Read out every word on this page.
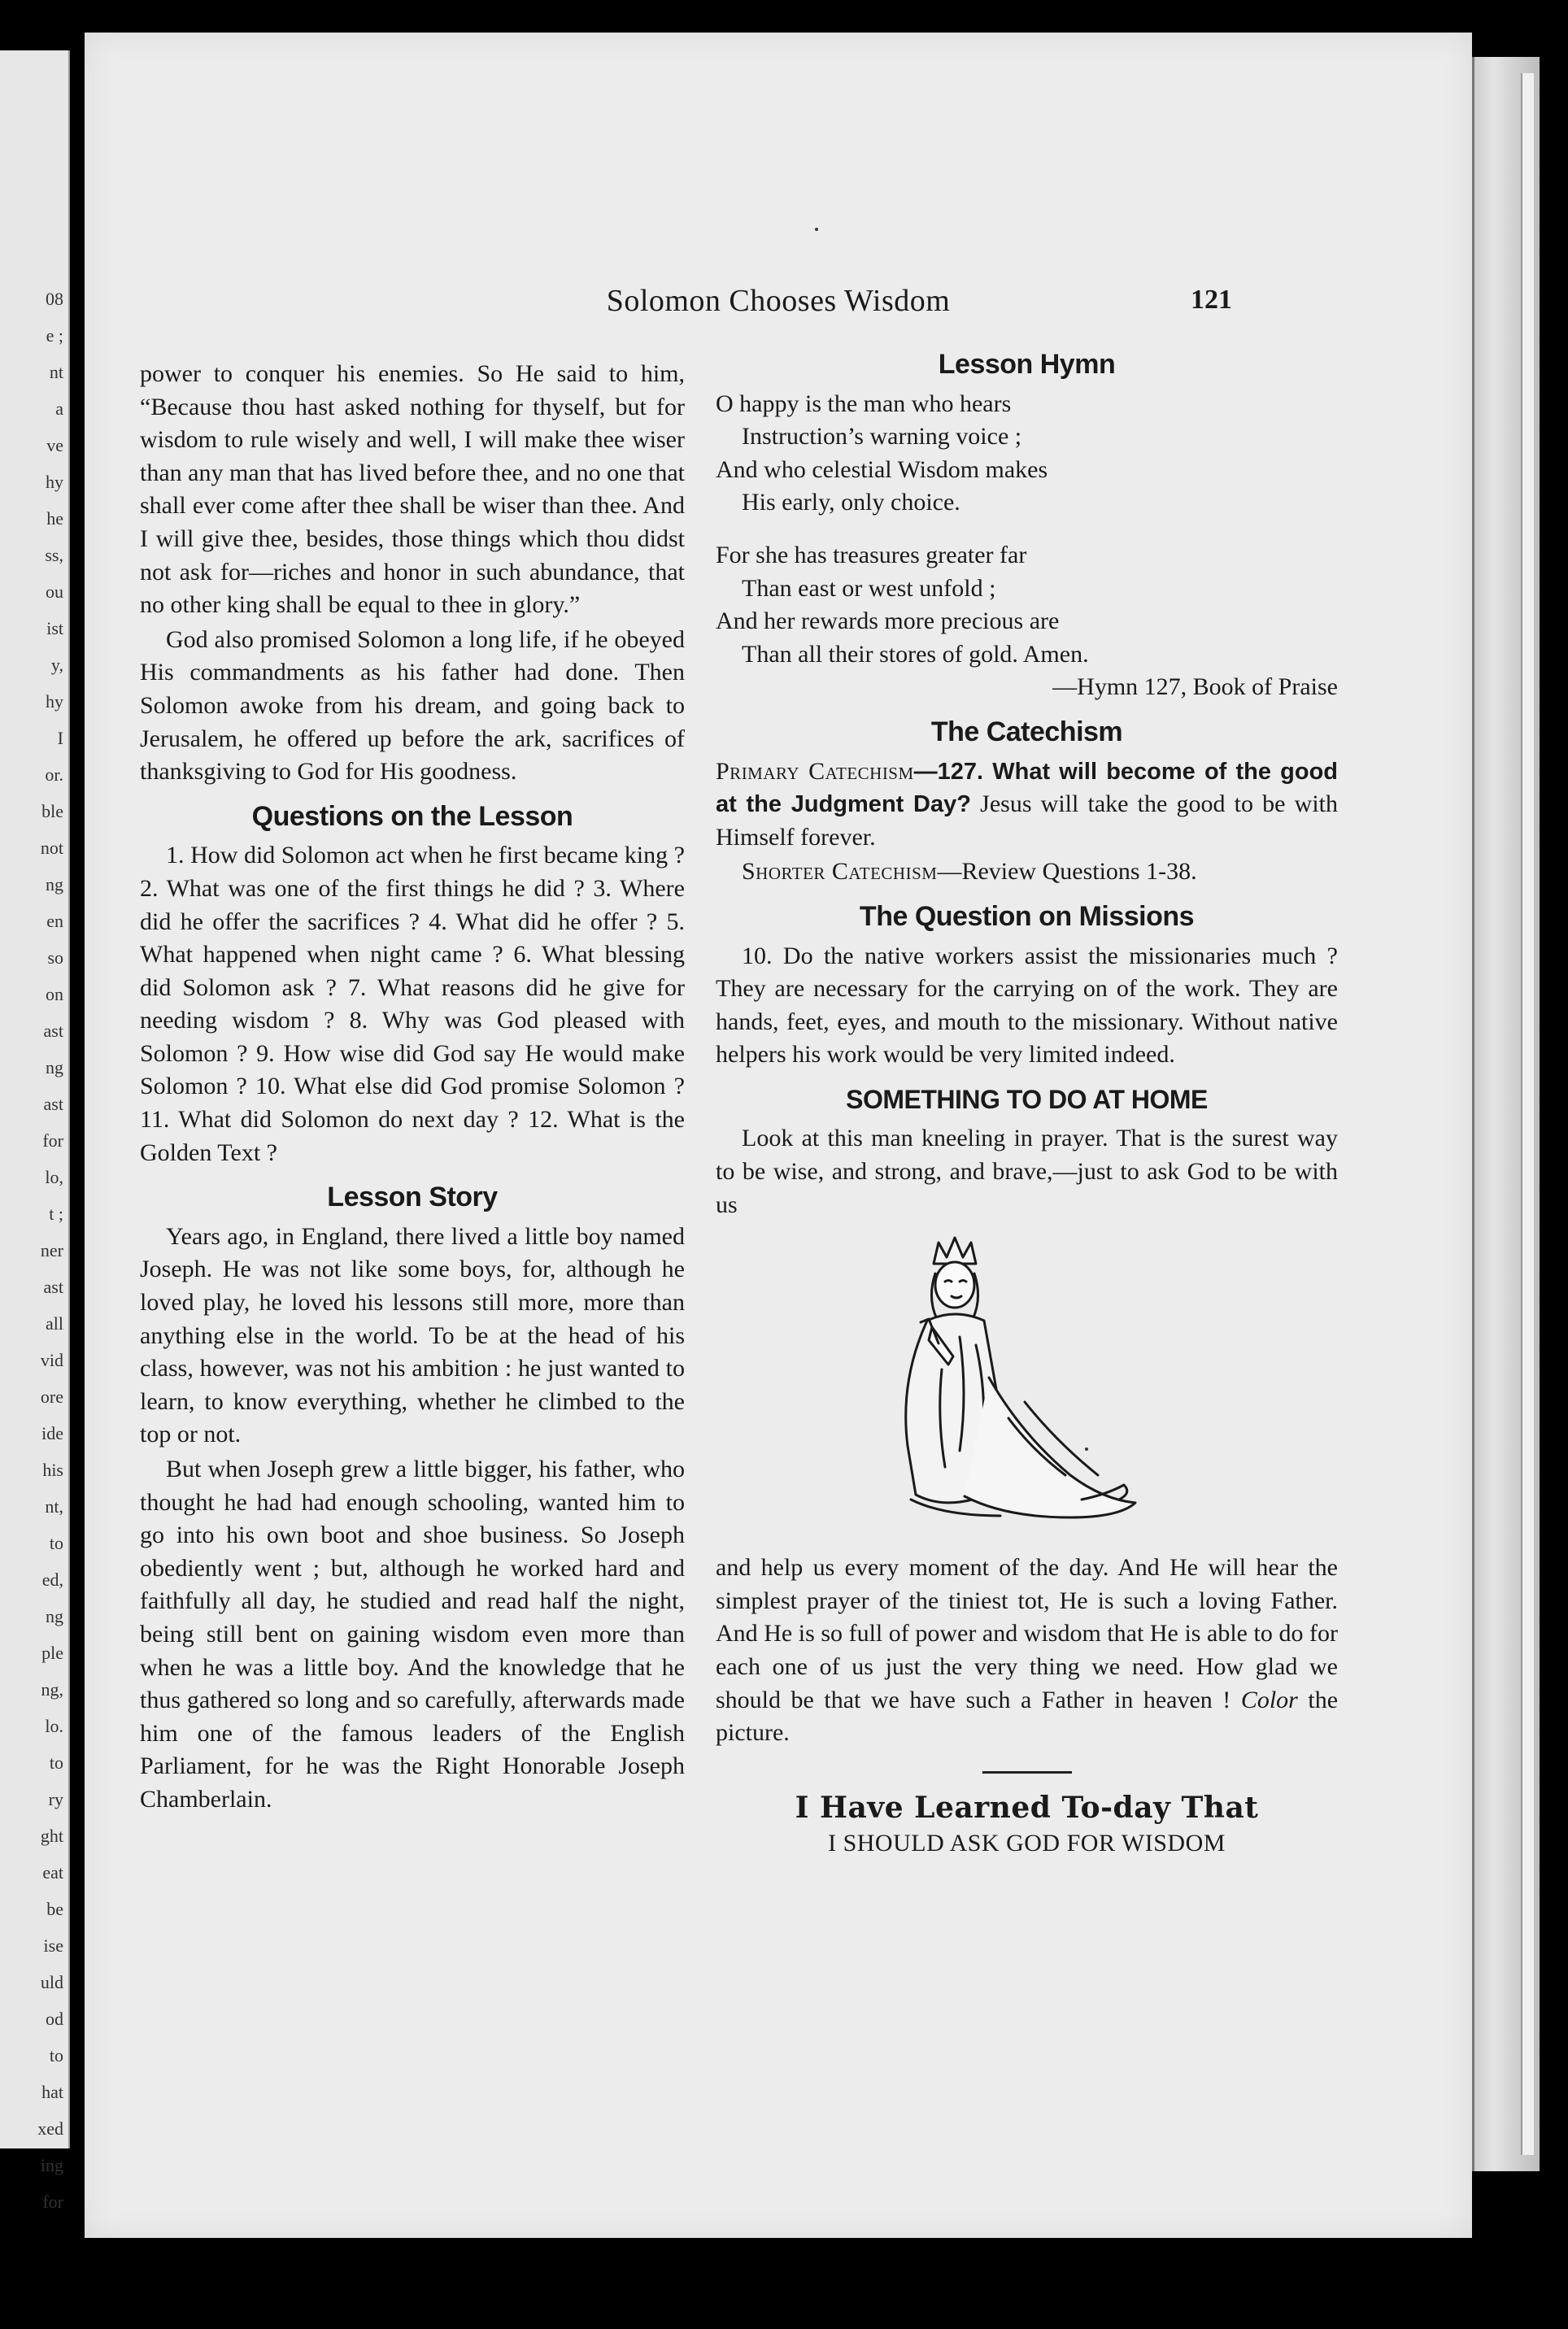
08
e ;
nt
a
ve
hy
he
ss,
ou
ist
y,
hy
I
or.
ble
not
ng
en
so
on
ast
ng
ast
for
lo,
t ;
ner
ast
all
vid
ore
ide
his
nt,
to
ed,
ng
ple
ng,
lo.
to
ry
ght
eat
be
ise
uld
od
to
hat
xed
ing
for
Solomon Chooses Wisdom	121

power to conquer his enemies. So He said to him, “Because thou hast asked nothing for thyself, but for wisdom to rule wisely and well, I will make thee wiser than any man that has lived before thee, and no one that shall ever come after thee shall be wiser than thee. And I will give thee, besides, those things which thou didst not ask for—riches and honor in such abundance, that no other king shall be equal to thee in glory.”

God also promised Solomon a long life, if he obeyed His commandments as his father had done. Then Solomon awoke from his dream, and going back to Jerusalem, he offered up before the ark, sacrifices of thanksgiving to God for His goodness.

Questions on the Lesson

1. How did Solomon act when he first became king ? 2. What was one of the first things he did ? 3. Where did he offer the sacrifices ? 4. What did he offer ? 5. What happened when night came ? 6. What blessing did Solomon ask ? 7. What reasons did he give for needing wisdom ? 8. Why was God pleased with Solomon ? 9. How wise did God say He would make Solomon ? 10. What else did God promise Solomon ? 11. What did Solomon do next day ? 12. What is the Golden Text ?

Lesson Story

Years ago, in England, there lived a little boy named Joseph. He was not like some boys, for, although he loved play, he loved his lessons still more, more than anything else in the world. To be at the head of his class, however, was not his ambition : he just wanted to learn, to know everything, whether he climbed to the top or not.

But when Joseph grew a little bigger, his father, who thought he had had enough schooling, wanted him to go into his own boot and shoe business. So Joseph obediently went ; but, although he worked hard and faithfully all day, he studied and read half the night, being still bent on gaining wisdom even more than when he was a little boy. And the knowledge that he thus gathered so long and so carefully, afterwards made him one of the famous leaders of the English Parliament, for he was the Right Honorable Joseph Chamberlain.

Lesson Hymn

O happy is the man who hears

Instruction’s warning voice ;

And who celestial Wisdom makes

His early, only choice.

For she has treasures greater far

Than east or west unfold ;

And her rewards more precious are

Than all their stores of gold. Amen.

—Hymn 127, Book of Praise

The Catechism

Primary Catechism—127. What will become of the good at the Judgment Day? Jesus will take the good to be with Himself forever.

Shorter Catechism—Review Questions 1-38.

The Question on Missions

10. Do the native workers assist the missionaries much ? They are necessary for the carrying on of the work. They are hands, feet, eyes, and mouth to the missionary. Without native helpers his work would be very limited indeed.

SOMETHING TO DO AT HOME

Look at this man kneeling in prayer. That is the surest way to be wise, and strong, and brave,—just to ask God to be with us

and help us every moment of the day. And He will hear the simplest prayer of the tiniest tot, He is such a loving Father. And He is so full of power and wisdom that He is able to do for each one of us just the very thing we need. How glad we should be that we have such a Father in heaven ! Color the picture.

I Have Learned To-day That

I SHOULD ASK GOD FOR WISDOM
